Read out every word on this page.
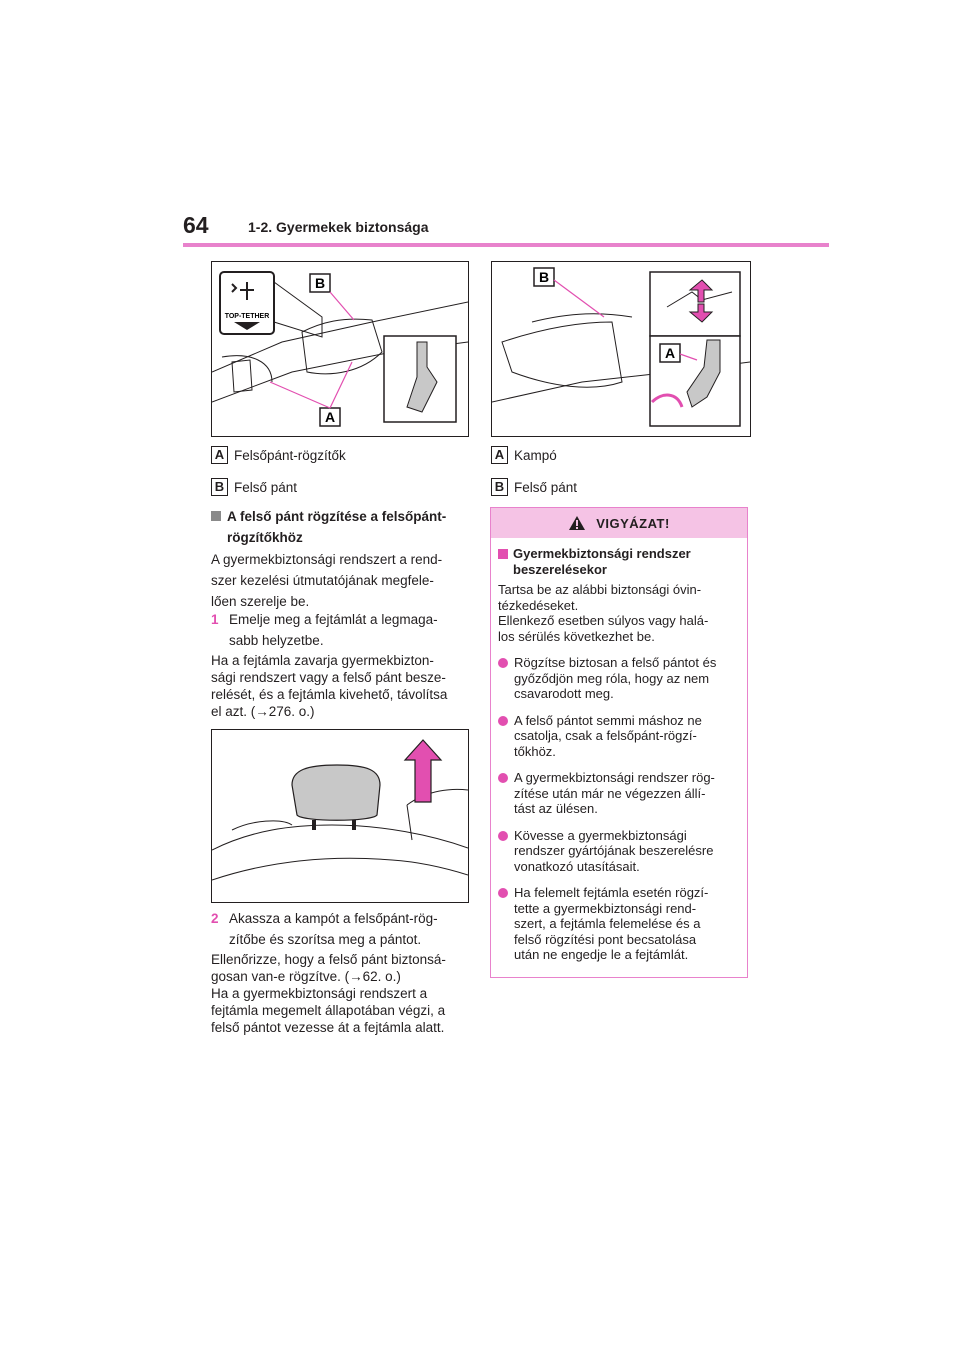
64	1-2. Gyermekek biztonsága
TOP-TETHER
B
A
B
A
A Felsőpánt-rögzítők
B Felső pánt
A Kampó
B Felső pánt
A felső pánt rögzítése a felsőpánt-
rögzítőkhöz
A gyermekbiztonsági rendszert a rend-
szer kezelési útmutatójának megfele-
lően szerelje be.
1 Emelje meg a fejtámlát a legmaga-
sabb helyzetbe.
Ha a fejtámla zavarja gyermekbizton-
sági rendszert vagy a felső pánt besze-
relését, és a fejtámla kivehető, távolítsa
el azt. (→276. o.)
2 Akassza a kampót a felsőpánt-rög-
zítőbe és szorítsa meg a pántot.
Ellenőrizze, hogy a felső pánt biztonsá-
gosan van-e rögzítve. (→62. o.)
Ha a gyermekbiztonsági rendszert a
fejtámla megemelt állapotában végzi, a
felső pántot vezesse át a fejtámla alatt.
VIGYÁZAT!
Gyermekbiztonsági rendszer
beszerelésekor
Tartsa be az alábbi biztonsági óvin-
tézkedéseket.
Ellenkező esetben súlyos vagy halá-
los sérülés következhet be.
Rögzítse biztosan a felső pántot és
győződjön meg róla, hogy az nem
csavarodott meg.
A felső pántot semmi máshoz ne
csatolja, csak a felsőpánt-rögzí-
tőkhöz.
A gyermekbiztonsági rendszer rög-
zítése után már ne végezzen állí-
tást az ülésen.
Kövesse a gyermekbiztonsági
rendszer gyártójának beszerelésre
vonatkozó utasításait.
Ha felemelt fejtámla esetén rögzí-
tette a gyermekbiztonsági rend-
szert, a fejtámla felemelése és a
felső rögzítési pont becsatolása
után ne engedje le a fejtámlát.
